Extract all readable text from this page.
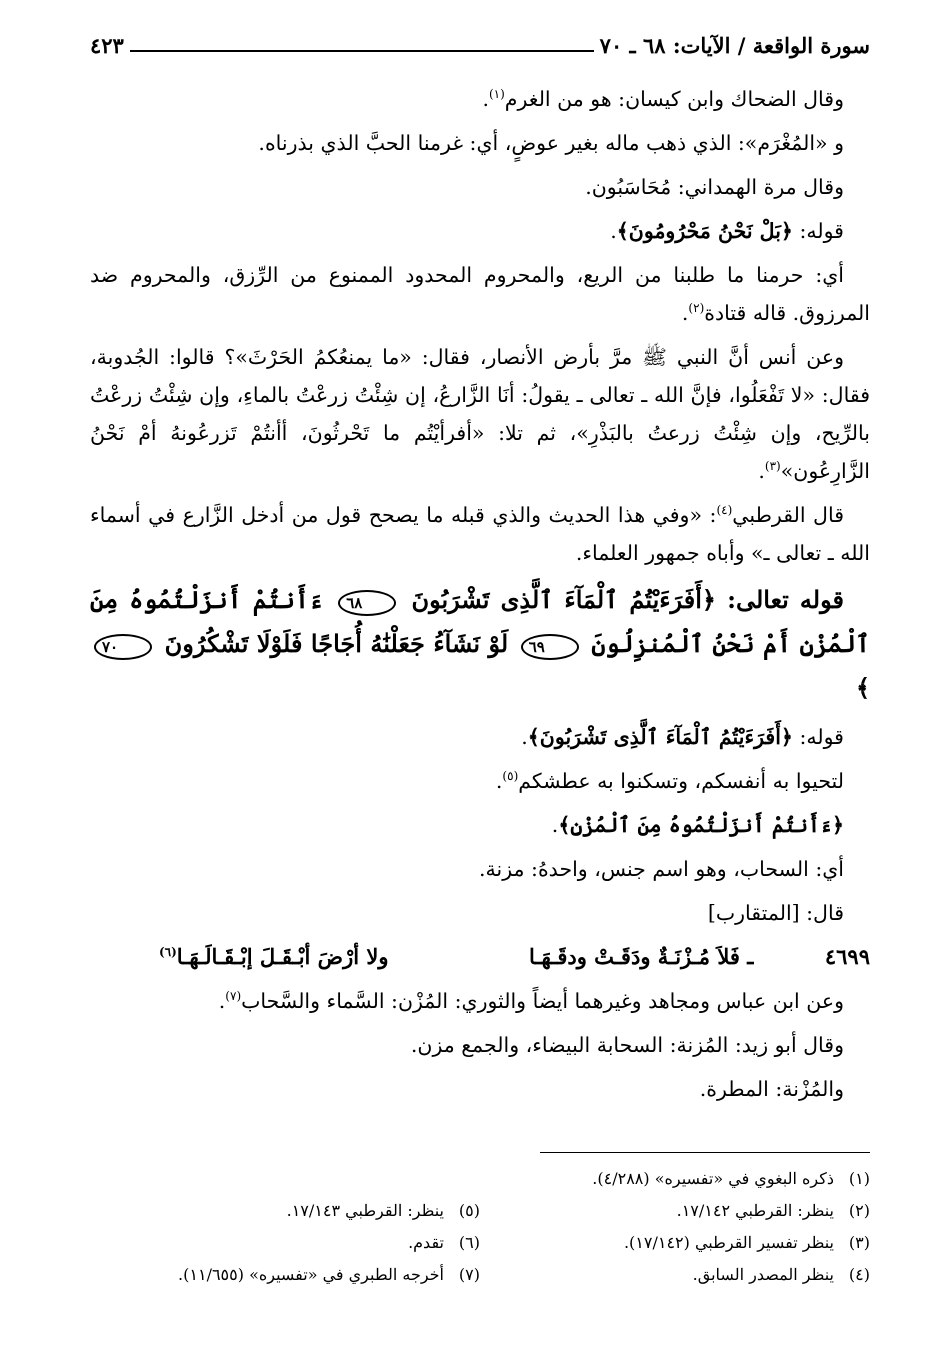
سورة الواقعة / الآيات: ٦٨ ـ ٧٠
٤٢٣
وقال الضحاك وابن كيسان: هو من الغرم$^{(١)}$.
و «المُغْرَم»: الذي ذهب ماله بغير عوضٍ، أي: غرمنا الحبَّ الذي بذرناه.
وقال مرة الهمداني: مُحَاسَبُون.
قوله: ﴿بَلْ نَحْنُ مَحْرُومُونَ﴾.
أي: حرمنا ما طلبنا من الريع، والمحروم المحدود الممنوع من الرِّزق، والمحروم ضد المرزوق. قاله قتادة$^{(٢)}$.
وعن أنس أنَّ النبي ﷺ مرَّ بأرض الأنصار، فقال: «ما يمنعُكمُ الحَرْثَ»؟ قالوا: الجُدوبة، فقال: «لا تَفْعَلُوا، فإنَّ الله ـ تعالى ـ يقولُ: أنَا الزَّارعُ، إن شِئْتُ زرعْتُ بالماءِ، وإن شِئْتُ زرعْتُ بالرِّيح، وإن شِئْتُ زرعتُ بالبَذْرِ»، ثم تلا: «أفرأيْتُم ما تَحْرثُونَ، أأنتُمْ تَزرعُونهُ أمْ نَحْنُ الزَّارِعُون»$^{(٣)}$.
قال القرطبي$^{(٤)}$: «وفي هذا الحديث والذي قبله ما يصحح قول من أدخل الزَّارع في أسماء الله ـ تعالى ـ» وأباه جمهور العلماء.
قوله تعالى: ﴿أَفَرَءَيْتُمُ ٱلْمَآءَ ٱلَّذِى تَشْرَبُونَ ٦٨ ءَأَنتُمْ أَنزَلْتُمُوهُ مِنَ ٱلْمُزْنِ أَمْ نَحْنُ ٱلْمُنزِلُونَ ٦٩ لَوْ نَشَآءُ جَعَلْنَٰهُ أُجَاجًا فَلَوْلَا تَشْكُرُونَ ٧٠ ﴾
قوله: ﴿أَفَرَءَيْتُمُ ٱلْمَآءَ ٱلَّذِى تَشْرَبُونَ﴾.
لتحيوا به أنفسكم، وتسكنوا به عطشكم$^{(٥)}$.
﴿ءَأَنتُمْ أَنزَلْتُمُوهُ مِنَ ٱلْمُزْنِ﴾.
أي: السحاب، وهو اسم جنس، واحدهُ: مزنة.
قال: [المتقارب]
٤٦٩٩
ـ فَلاَ مُـزْنَـةٌ ودَقَـتْ ودقَـهَـا
ولا أرْضَ أبْـقَـلَ إبْـقَـالَـهَـا$^{(٦)}$
وعن ابن عباس ومجاهد وغيرهما أيضاً والثوري: المُزْن: السَّماء والسَّحاب$^{(٧)}$.
وقال أبو زيد: المُزنة: السحابة البيضاء، والجمع مزن.
والمُزْنة: المطرة.
(١)ذكره البغوي في «تفسيره» (٤/٢٨٨).
(٢)ينظر: القرطبي ١٧/١٤٢.
(٣)ينظر تفسير القرطبي (١٧/١٤٢).
(٤)ينظر المصدر السابق.
(٥)ينظر: القرطبي ١٧/١٤٣.
(٦)تقدم.
(٧)أخرجه الطبري في «تفسيره» (١١/٦٥٥).
